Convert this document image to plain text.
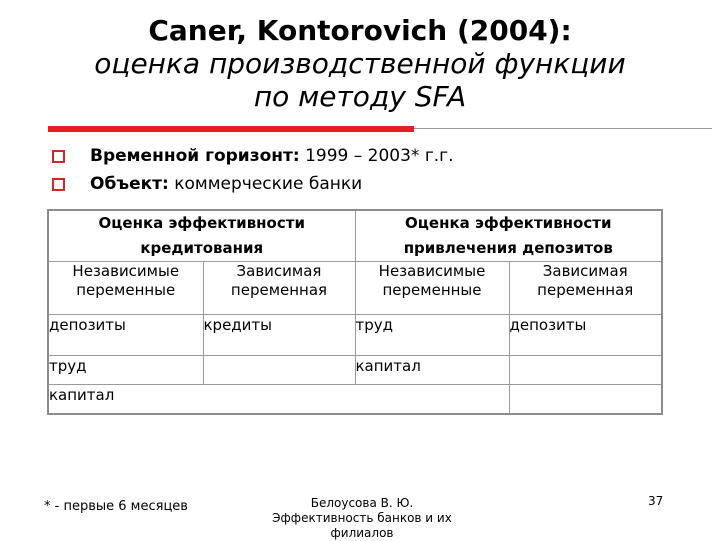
Caner, Kontorovich (2004):
оценка производственной функции
по методу SFA
Временной горизонт: 1999 – 2003* г.г.
Объект: коммерческие банки
Оценка эффективности кредитования		Оценка эффективности привлечения депозитов	
Независимые переменные	Зависимая переменная	Независимые переменные	Зависимая переменная
депозиты	кредиты	труд	депозиты
труд		капитал	
капитал			
* - первые 6 месяцев	Белоусова В. Ю.
Эффективность банков и их
филиалов
37
